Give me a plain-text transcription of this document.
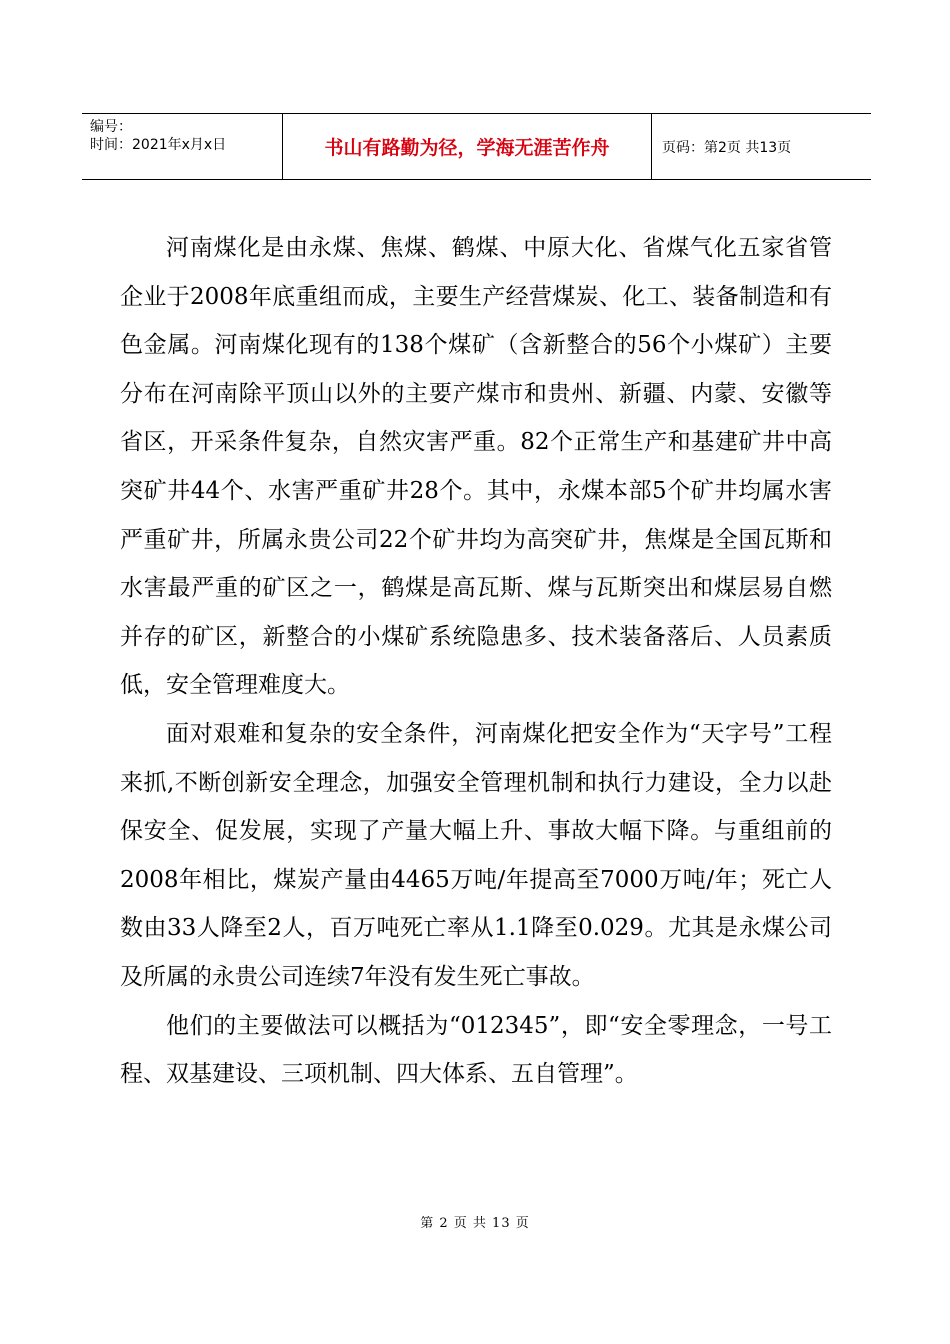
编号：
时间：2021年x月x日	书山有路勤为径，学海无涯苦作舟	页码：第2页 共13页

河南煤化是由永煤、焦煤、鹤煤、中原大化、省煤气化五家省管企业于2008年底重组而成，主要生产经营煤炭、化工、装备制造和有色金属。河南煤化现有的138个煤矿（含新整合的56个小煤矿）主要分布在河南除平顶山以外的主要产煤市和贵州、新疆、内蒙、安徽等省区，开采条件复杂，自然灾害严重。82个正常生产和基建矿井中高突矿井44个、水害严重矿井28个。其中，永煤本部5个矿井均属水害严重矿井，所属永贵公司22个矿井均为高突矿井，焦煤是全国瓦斯和水害最严重的矿区之一，鹤煤是高瓦斯、煤与瓦斯突出和煤层易自燃并存的矿区，新整合的小煤矿系统隐患多、技术装备落后、人员素质低，安全管理难度大。

面对艰难和复杂的安全条件，河南煤化把安全作为“天字号”工程来抓,不断创新安全理念，加强安全管理机制和执行力建设，全力以赴保安全、促发展，实现了产量大幅上升、事故大幅下降。与重组前的2008年相比，煤炭产量由4465万吨/年提高至7000万吨/年；死亡人数由33人降至2人，百万吨死亡率从1.1降至0.029。尤其是永煤公司及所属的永贵公司连续7年没有发生死亡事故。

他们的主要做法可以概括为“012345”，即“安全零理念，一号工程、双基建设、三项机制、四大体系、五自管理”。

第 2 页 共 13 页
